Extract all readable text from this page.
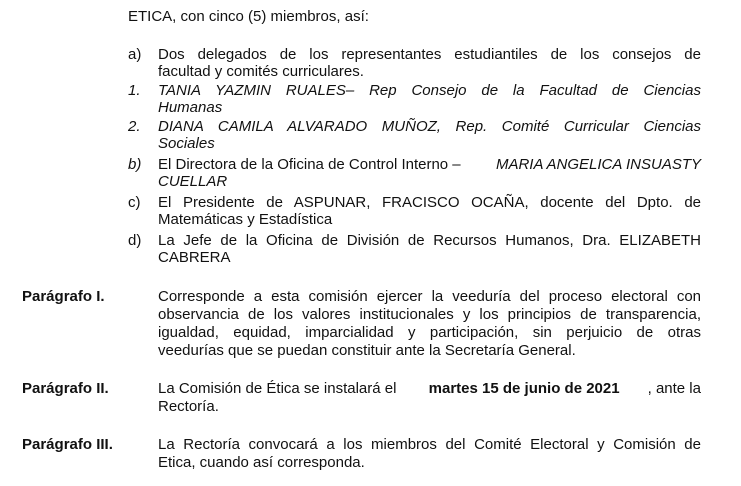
ETICA, con cinco (5) miembros, así:
a) Dos delegados de los representantes estudiantiles de los consejos de
facultad y comités curriculares.
1. TANIA YAZMIN RUALES– Rep Consejo de la Facultad de Ciencias
Humanas
2. DIANA CAMILA ALVARADO MUÑOZ, Rep. Comité Curricular Ciencias
Sociales
b) El Directora de la Oficina de Control Interno – MARIA ANGELICA INSUASTY
CUELLAR
c) El Presidente de ASPUNAR, FRACISCO OCAÑA, docente del Dpto. de
Matemáticas y Estadística
d) La Jefe de la Oficina de División de Recursos Humanos, Dra. ELIZABETH
CABRERA
Parágrafo I.	Corresponde a esta comisión ejercer la veeduría del proceso electoral con
observancia de los valores institucionales y los principios de transparencia,
igualdad, equidad, imparcialidad y participación, sin perjuicio de otras
veedurías que se puedan constituir ante la Secretaría General.
Parágrafo II.	La Comisión de Ética se instalará el martes 15 de junio de 2021 , ante la
Rectoría.
Parágrafo III.	La Rectoría convocará a los miembros del Comité Electoral y Comisión de
Etica, cuando así corresponda.
